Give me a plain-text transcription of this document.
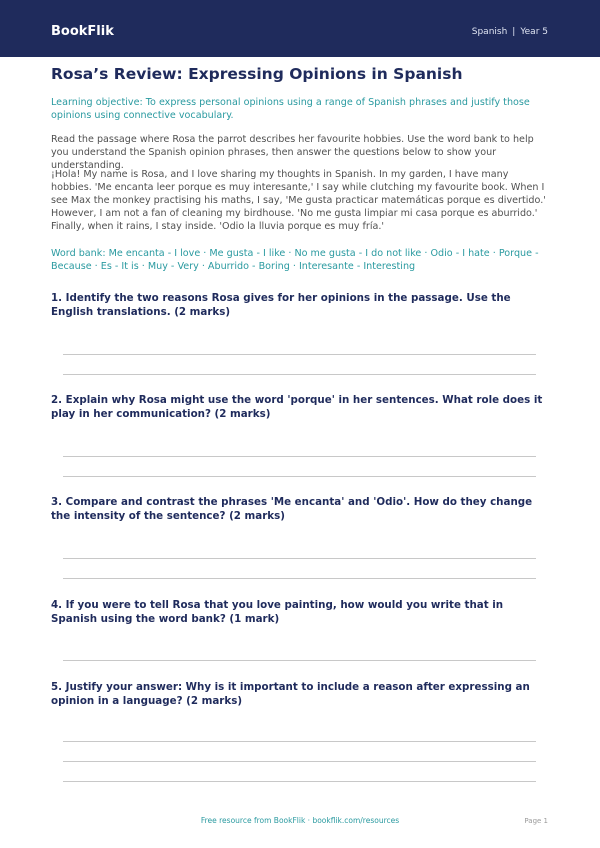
BookFlik	Spanish | Year 5
Rosa’s Review: Expressing Opinions in Spanish
Learning objective: To express personal opinions using a range of Spanish phrases and justify those opinions using connective vocabulary.
Read the passage where Rosa the parrot describes her favourite hobbies. Use the word bank to help you understand the Spanish opinion phrases, then answer the questions below to show your understanding.
¡Hola! My name is Rosa, and I love sharing my thoughts in Spanish. In my garden, I have many hobbies. 'Me encanta leer porque es muy interesante,' I say while clutching my favourite book. When I see Max the monkey practising his maths, I say, 'Me gusta practicar matemáticas porque es divertido.' However, I am not a fan of cleaning my birdhouse. 'No me gusta limpiar mi casa porque es aburrido.' Finally, when it rains, I stay inside. 'Odio la lluvia porque es muy fría.'
Word bank: Me encanta - I love · Me gusta - I like · No me gusta - I do not like · Odio - I hate · Porque - Because · Es - It is · Muy - Very · Aburrido - Boring · Interesante - Interesting
1. Identify the two reasons Rosa gives for her opinions in the passage. Use the English translations. (2 marks)
2. Explain why Rosa might use the word 'porque' in her sentences. What role does it play in her communication? (2 marks)
3. Compare and contrast the phrases 'Me encanta' and 'Odio'. How do they change the intensity of the sentence? (2 marks)
4. If you were to tell Rosa that you love painting, how would you write that in Spanish using the word bank? (1 mark)
5. Justify your answer: Why is it important to include a reason after expressing an opinion in a language? (2 marks)
Free resource from BookFlik · bookflik.com/resources	Page 1
